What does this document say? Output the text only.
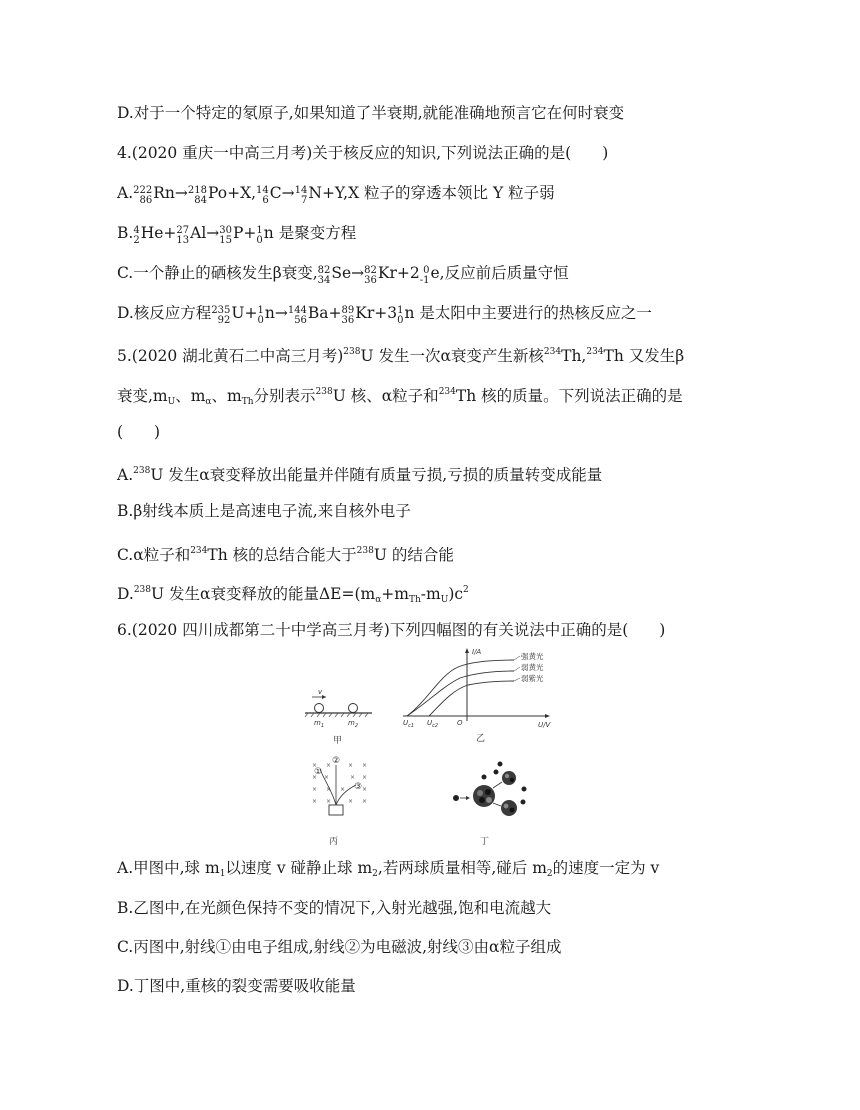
D.对于一个特定的氡原子,如果知道了半衰期,就能准确地预言它在何时衰变
4.(2020 重庆一中高三月考)关于核反应的知识,下列说法正确的是(　　)
A. 222
86 Rn→ 218
84 Po+X, 14
6 C→ 14
7 N+Y,X 粒子的穿透本领比 Y 粒子弱
B. 4
2 He+ 27
13 Al→ 30
15 P+ 1
0 n 是聚变方程
C.一个静止的硒核发生β衰变, 82
34 Se→ 82
36 Kr+2 0
-1 e,反应前后质量守恒
D.核反应方程 235
92 U+ 1
0 n→ 144
56 Ba+ 89
36 Kr+3 1
0 n 是太阳中主要进行的热核反应之一
5.(2020 湖北黄石二中高三月考)$^{238}$U 发生一次α衰变产生新核$^{234}$Th,$^{234}$Th 又发生β
衰变$,m_U$、$m_\alpha$、$m_{Th}$分别表示$^{238}$U 核、α粒子和$^{234}$Th 核的质量。下列说法正确的是
(　　)
A.$^{238}$U 发生α衰变释放出能量并伴随有质量亏损,亏损的质量转变成能量
B.β射线本质上是高速电子流,来自核外电子
C.α粒子和$^{234}$Th 核的总结合能大于$^{238}$U 的结合能
D.$^{238}$U 发生α衰变释放的能量$\Delta E=(m_\alpha+m_{Th}-m_U)c^2$
6.(2020 四川成都第二十中学高三月考)下列四幅图的有关说法中正确的是(　　)
v
$m_1$	$m_2$
甲
强黄光
弱黄光
弱紫光
I/A
U/V
O
$U_{c1}$ $U_{c2}$
乙
× ×	× ×
× ×	× ×
× × ×	×
× ×	× ×
①
②
③
丙	丁
A.甲图中,球 $m_1$以速度 v 碰静止球 $m_2$,若两球质量相等,碰后 $m_2$的速度一定为 v
B.乙图中,在光颜色保持不变的情况下,入射光越强,饱和电流越大
C.丙图中,射线①由电子组成,射线②为电磁波,射线③由α粒子组成
D.丁图中,重核的裂变需要吸收能量
